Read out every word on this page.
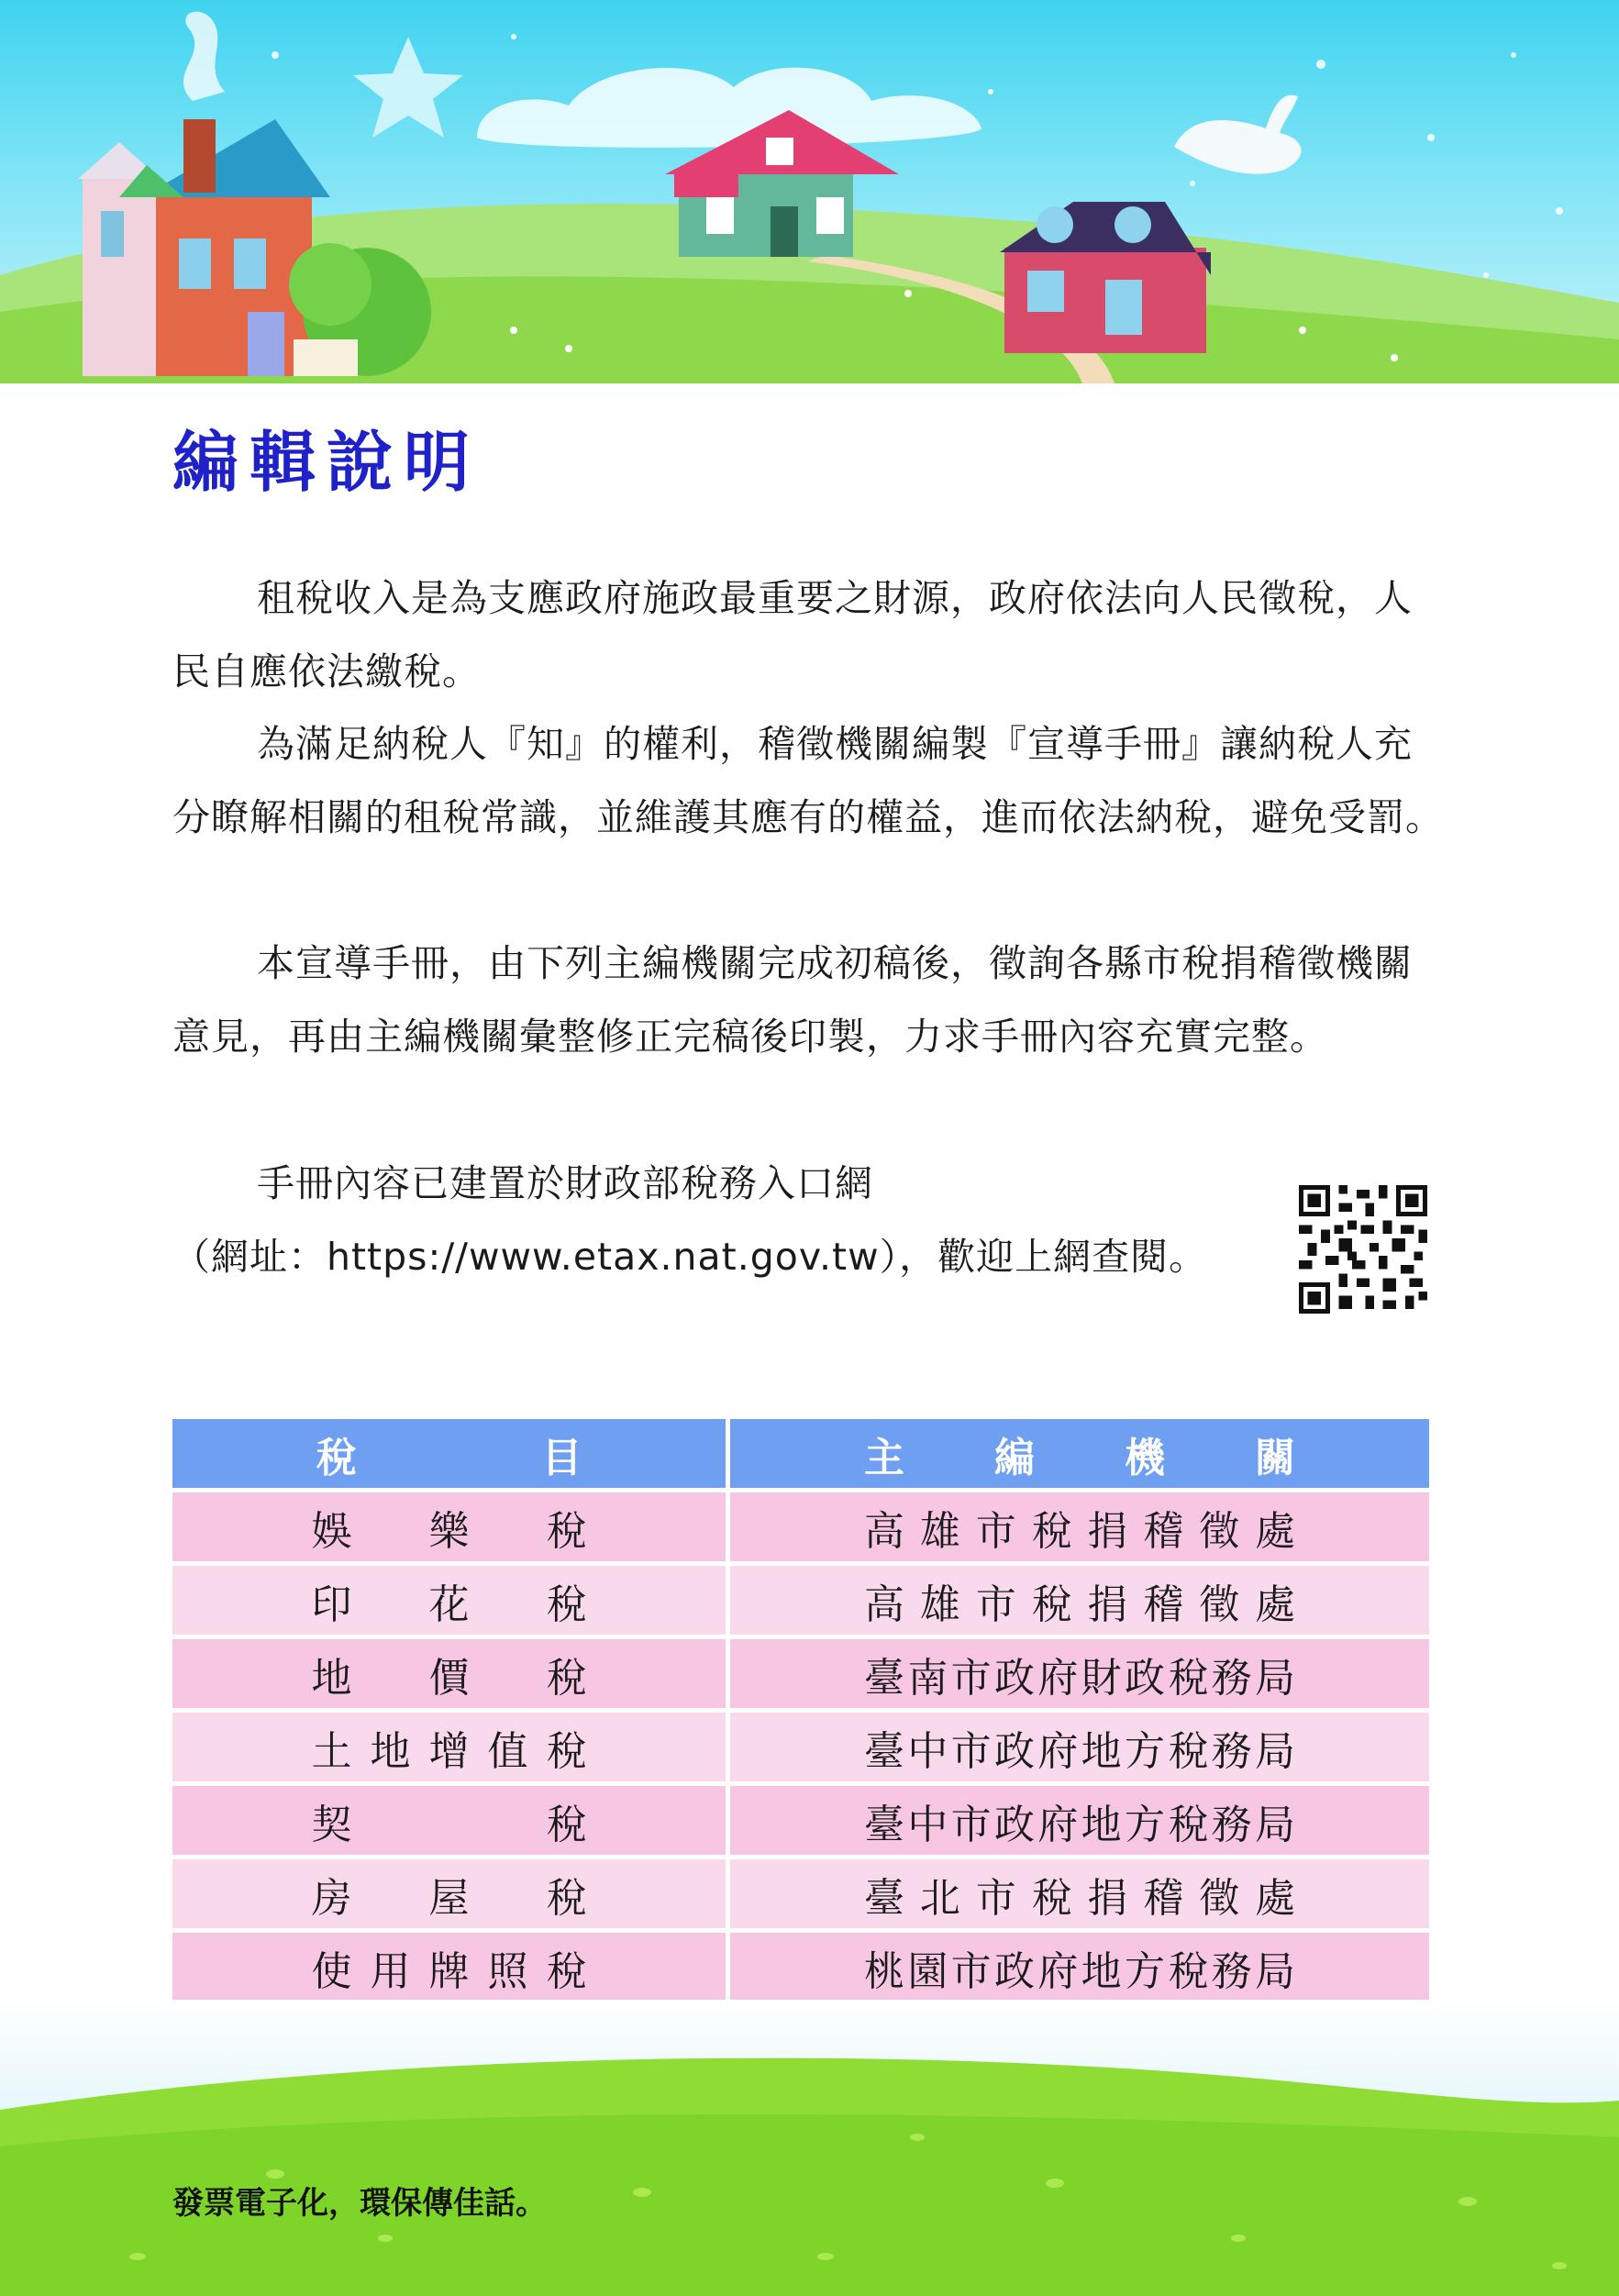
編輯說明
租稅收入是為支應政府施政最重要之財源，政府依法向人民徵稅，人民自應依法繳稅。
為滿足納稅人『知』的權利，稽徵機關編製『宣導手冊』讓納稅人充分瞭解相關的租稅常識，並維護其應有的權益，進而依法納稅，避免受罰。
本宣導手冊，由下列主編機關完成初稿後，徵詢各縣市稅捐稽徵機關意見，再由主編機關彙整修正完稿後印製，力求手冊內容充實完整。
手冊內容已建置於財政部稅務入口網
（網址：https://www.etax.nat.gov.tw），歡迎上網查閱。
稅目	主編機關
娛樂稅	高雄市稅捐稽徵處
印花稅	高雄市稅捐稽徵處
地價稅	臺南市政府財政稅務局
土地增值稅	臺中市政府地方稅務局
契稅	臺中市政府地方稅務局
房屋稅	臺北市稅捐稽徵處
使用牌照稅	桃園市政府地方稅務局

發票電子化，環保傳佳話。
